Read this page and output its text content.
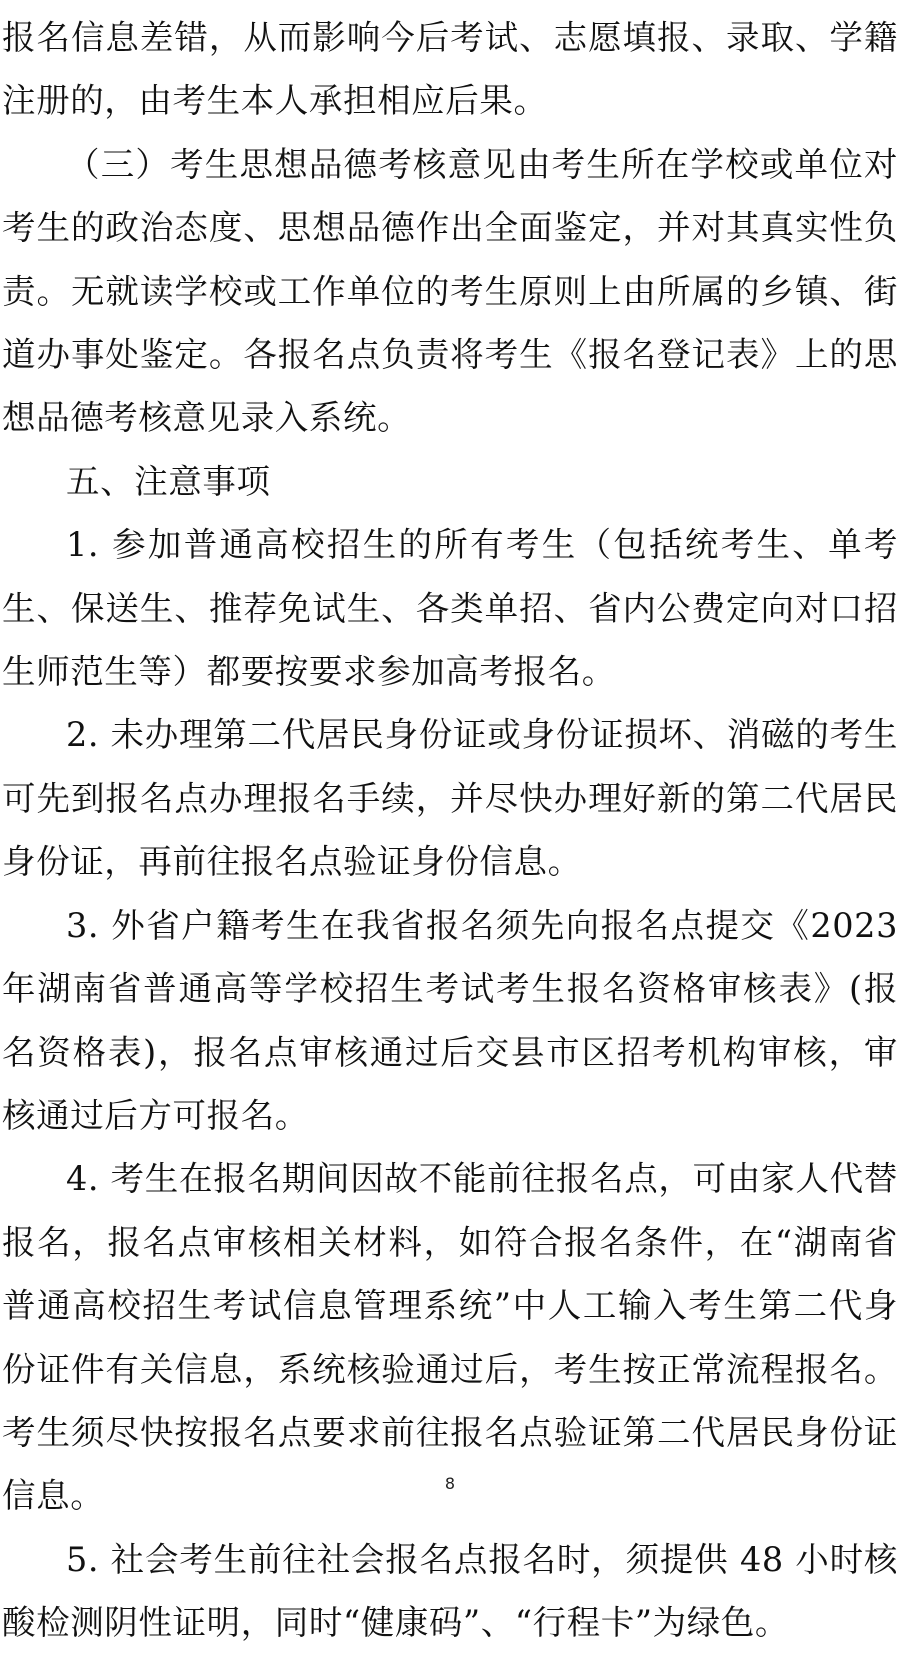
报名信息差错，从而影响今后考试、志愿填报、录取、学籍注册的，由考生本人承担相应后果。

（三）考生思想品德考核意见由考生所在学校或单位对考生的政治态度、思想品德作出全面鉴定，并对其真实性负责。无就读学校或工作单位的考生原则上由所属的乡镇、街道办事处鉴定。各报名点负责将考生《报名登记表》上的思想品德考核意见录入系统。

五、注意事项

1. 参加普通高校招生的所有考生（包括统考生、单考生、保送生、推荐免试生、各类单招、省内公费定向对口招生师范生等）都要按要求参加高考报名。

2. 未办理第二代居民身份证或身份证损坏、消磁的考生可先到报名点办理报名手续，并尽快办理好新的第二代居民身份证，再前往报名点验证身份信息。

3. 外省户籍考生在我省报名须先向报名点提交《2023 年湖南省普通高等学校招生考试考生报名资格审核表》(报名资格表)，报名点审核通过后交县市区招考机构审核，审核通过后方可报名。

4. 考生在报名期间因故不能前往报名点，可由家人代替报名，报名点审核相关材料，如符合报名条件，在“湖南省普通高校招生考试信息管理系统”中人工输入考生第二代身份证件有关信息，系统核验通过后，考生按正常流程报名。考生须尽快按报名点要求前往报名点验证第二代居民身份证信息。

5. 社会考生前往社会报名点报名时，须提供 48 小时核酸检测阴性证明，同时“健康码”、“行程卡”为绿色。

8
